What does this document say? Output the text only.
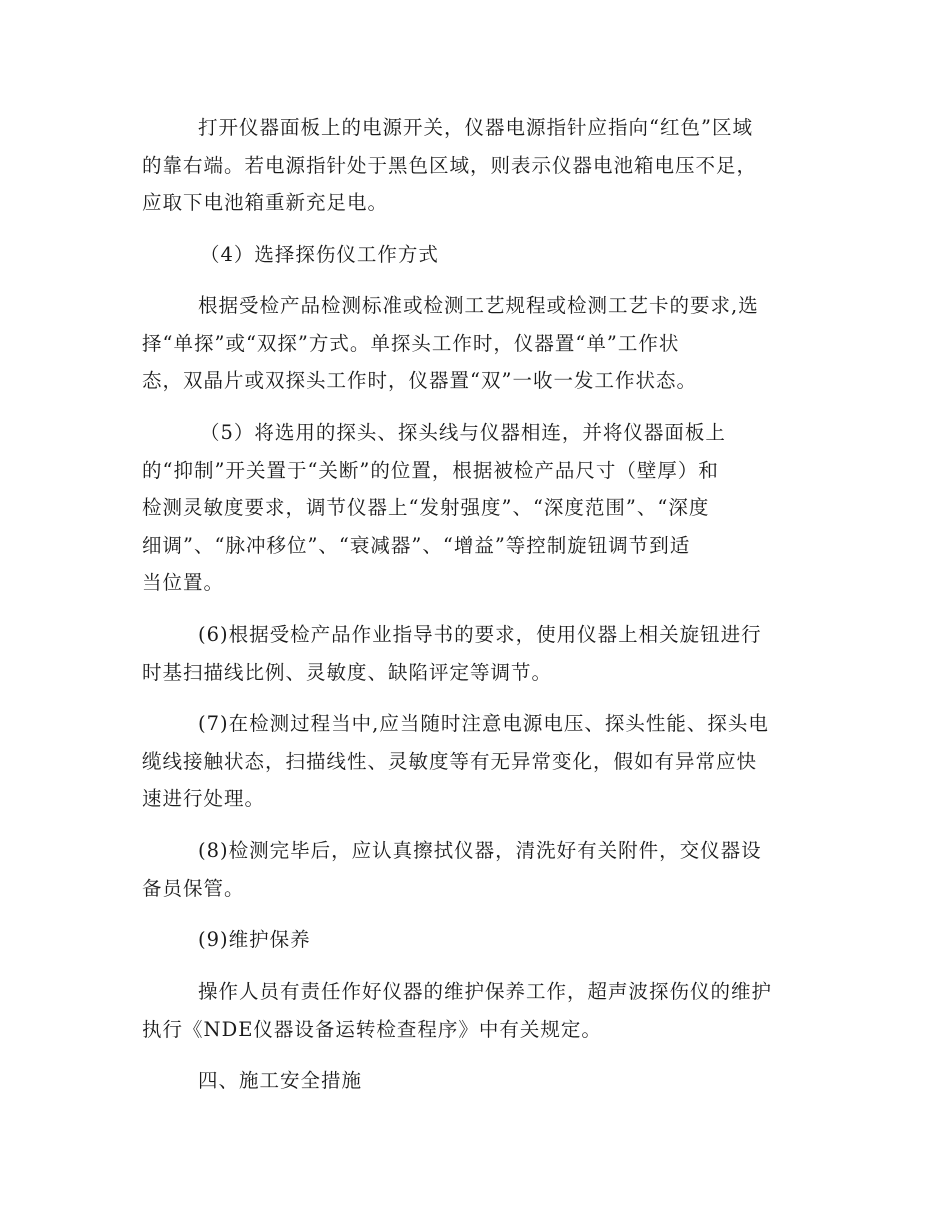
打开仪器面板上的电源开关，仪器电源指针应指向“红色”区域
的靠右端。若电源指针处于黑色区域，则表示仪器电池箱电压不足，
应取下电池箱重新充足电。

（4）选择探伤仪工作方式

根据受检产品检测标准或检测工艺规程或检测工艺卡的要求,选
择“单探”或“双探”方式。单探头工作时，仪器置“单”工作状
态，双晶片或双探头工作时，仪器置“双”一收一发工作状态。

（5）将选用的探头、探头线与仪器相连，并将仪器面板上
的“抑制”开关置于“关断”的位置，根据被检产品尺寸（壁厚）和
检测灵敏度要求，调节仪器上“发射强度”、“深度范围”、“深度
细调”、“脉冲移位”、“衰减器”、“增益”等控制旋钮调节到适
当位置。

(6)根据受检产品作业指导书的要求，使用仪器上相关旋钮进行
时基扫描线比例、灵敏度、缺陷评定等调节。

(7)在检测过程当中,应当随时注意电源电压、探头性能、探头电
缆线接触状态，扫描线性、灵敏度等有无异常变化，假如有异常应快
速进行处理。

(8)检测完毕后，应认真擦拭仪器，清洗好有关附件，交仪器设
备员保管。

(9)维护保养

操作人员有责任作好仪器的维护保养工作，超声波探伤仪的维护
执行《NDE仪器设备运转检查程序》中有关规定。

四、施工安全措施
